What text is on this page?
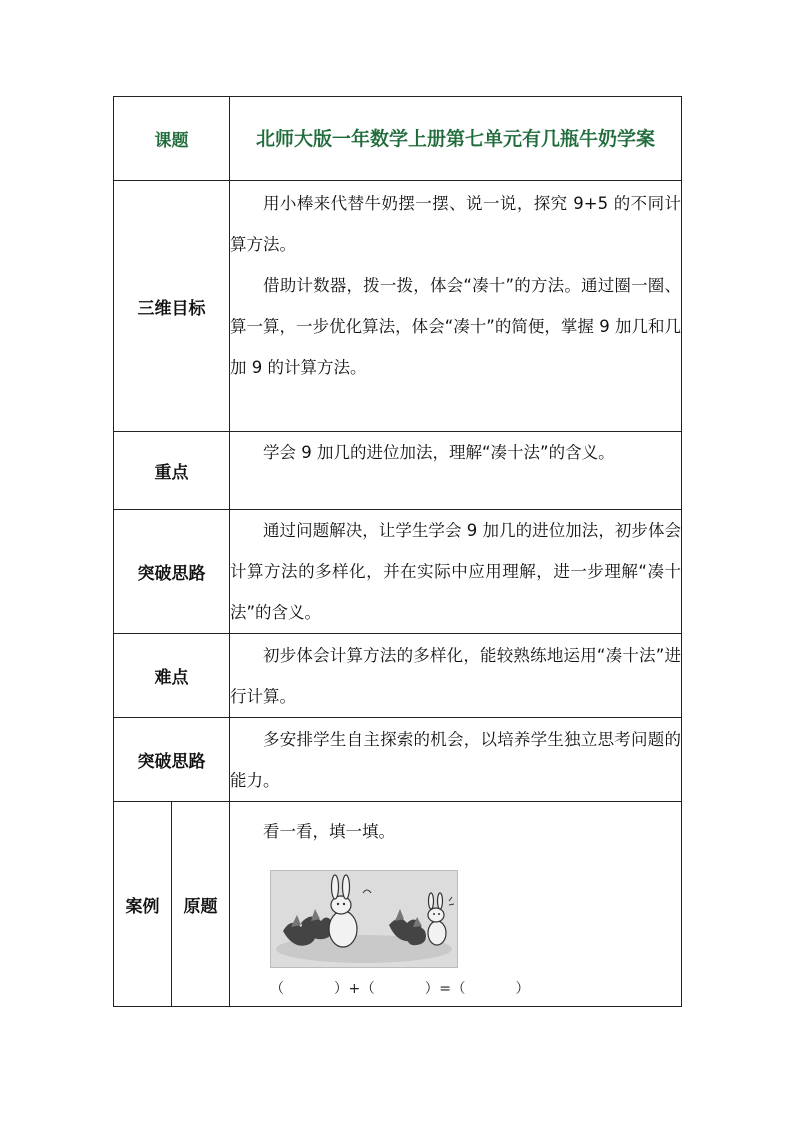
课题		北师大版一年数学上册第七单元有几瓶牛奶学案
三维目标		用小棒来代替牛奶摆一摆、说一说，探究 9+5 的不同计算方法。

借助计数器，拨一拨，体会“凑十”的方法。通过圈一圈、算一算，一步优化算法，体会“凑十”的简便，掌握 9 加几和几加 9 的计算方法。

重点		学会 9 加几的进位加法，理解“凑十法”的含义。

突破思路		通过问题解决，让学生学会 9 加几的进位加法，初步体会计算方法的多样化，并在实际中应用理解，进一步理解“凑十法”的含义。

难点		初步体会计算方法的多样化，能较熟练地运用“凑十法”进行计算。

突破思路		多安排学生自主探索的机会，以培养学生独立思考问题的能力。

案例	原题	看一看，填一填。

（          ）+（          ）=（          ）
